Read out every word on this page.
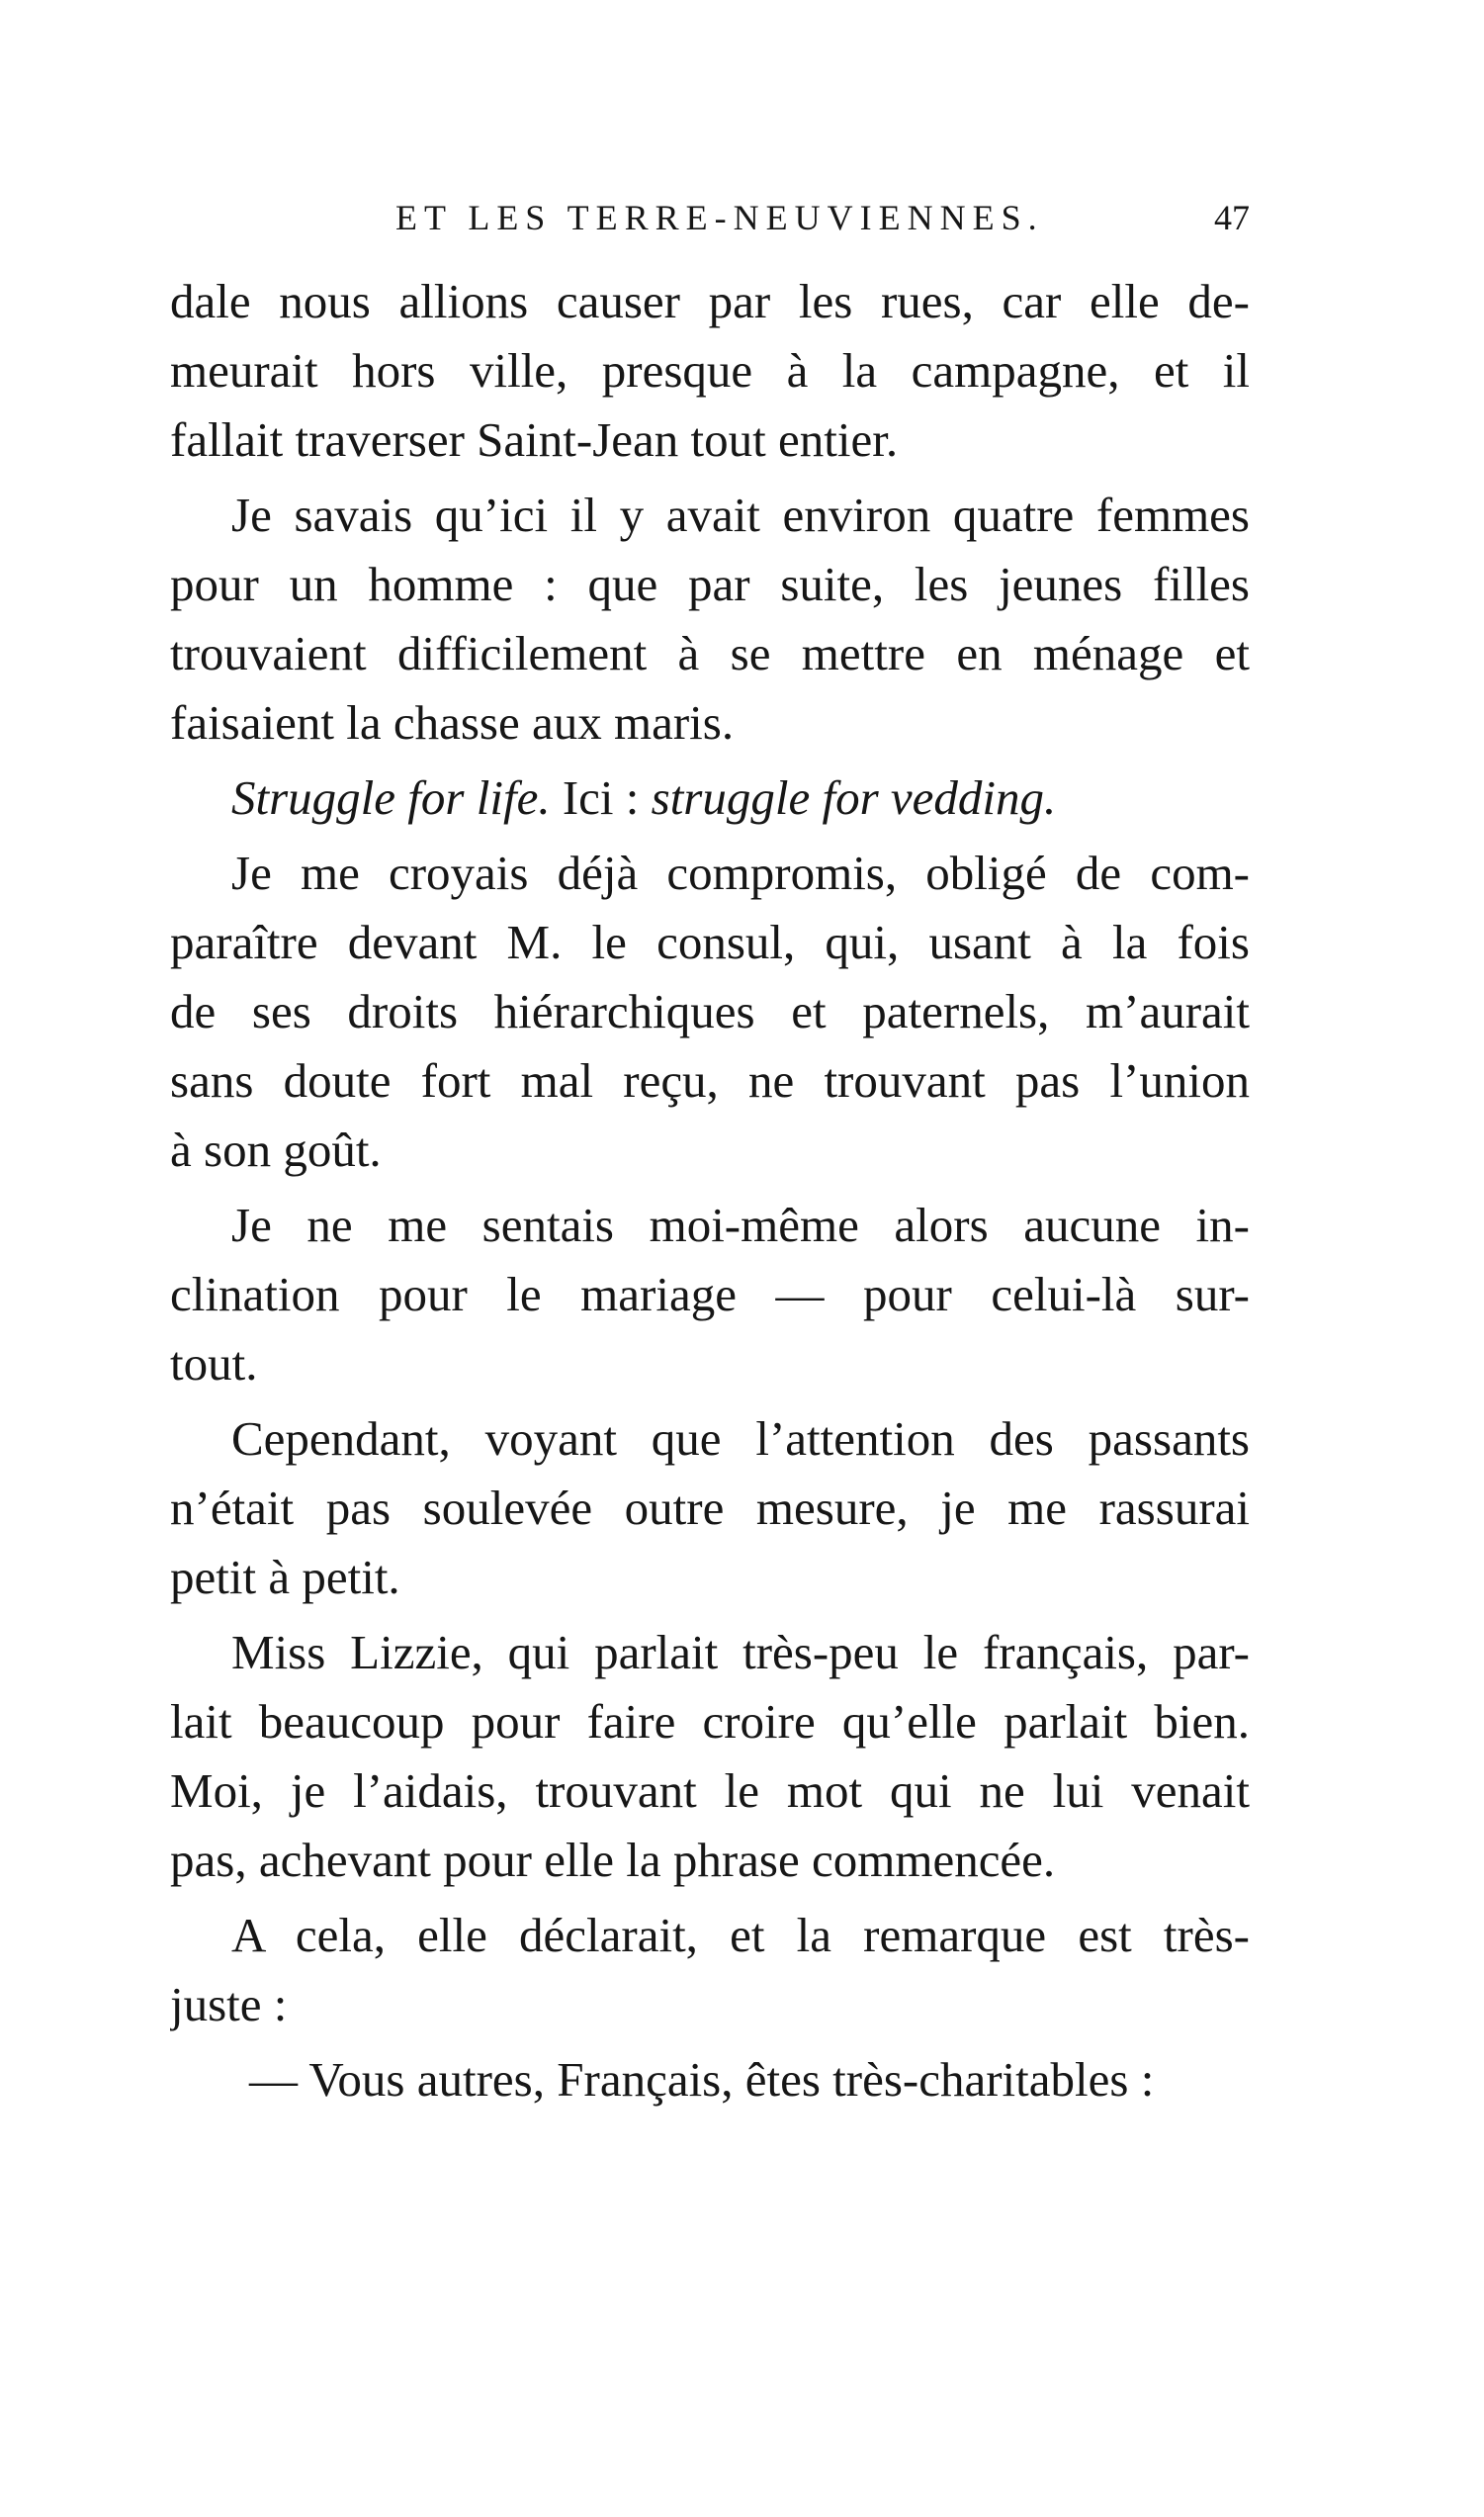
ET LES TERRE-NEUVIENNES.	47
dale nous allions causer par les rues, car elle de-
meurait hors ville, presque à la campagne, et il
fallait traverser Saint-Jean tout entier.
Je savais qu’ici il y avait environ quatre femmes
pour un homme : que par suite, les jeunes filles
trouvaient difficilement à se mettre en ménage et
faisaient la chasse aux maris.
Struggle for life. Ici : struggle for vedding.
Je me croyais déjà compromis, obligé de com-
paraître devant M. le consul, qui, usant à la fois
de ses droits hiérarchiques et paternels, m’aurait
sans doute fort mal reçu, ne trouvant pas l’union
à son goût.
Je ne me sentais moi-même alors aucune in-
clination pour le mariage — pour celui-là sur-
tout.
Cependant, voyant que l’attention des passants
n’était pas soulevée outre mesure, je me rassurai
petit à petit.
Miss Lizzie, qui parlait très-peu le français, par-
lait beaucoup pour faire croire qu’elle parlait bien.
Moi, je l’aidais, trouvant le mot qui ne lui venait
pas, achevant pour elle la phrase commencée.
A cela, elle déclarait, et la remarque est très-
juste :
— Vous autres, Français, êtes très-charitables :
